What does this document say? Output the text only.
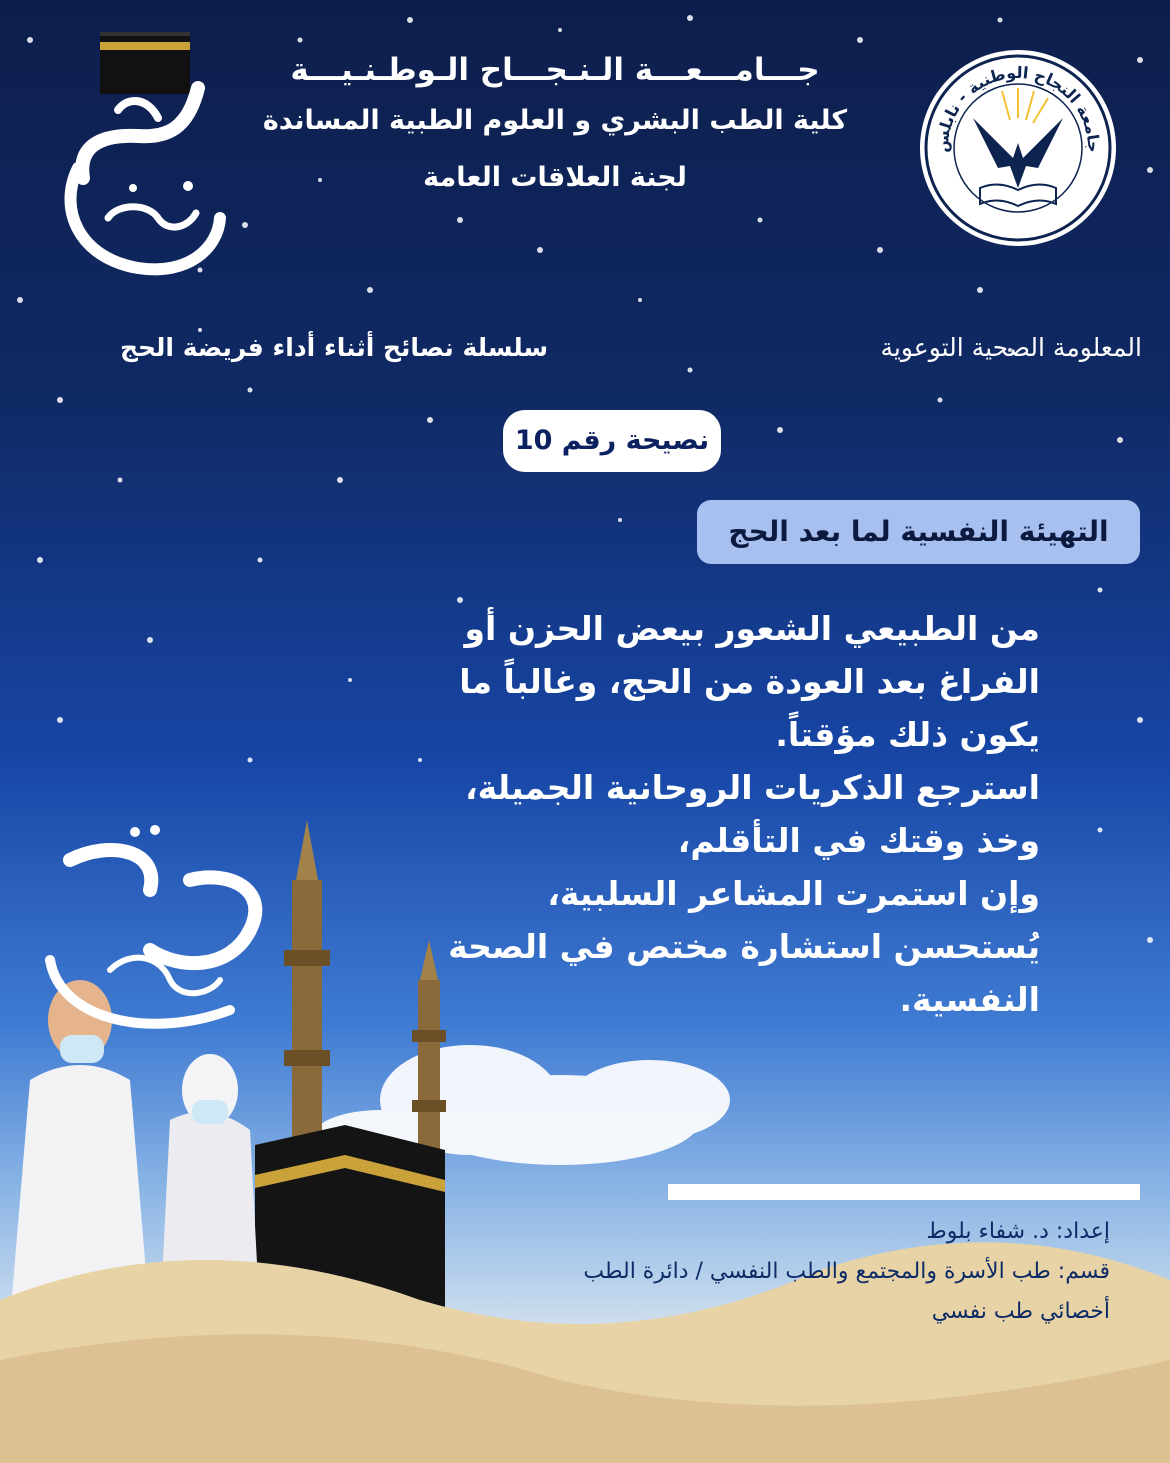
جـــامـــعـــة الـنـجـــاح الـوطـنـيـــة
كلية الطب البشري و العلوم الطبية المساندة
لجنة العلاقات العامة
جامعة النجاح الوطنية - نابلس
سلسلة نصائح أثناء أداء فريضة الحج	المعلومة الصحية التوعوية
نصيحة رقم 10
التهيئة النفسية لما بعد الحج

من الطبيعي الشعور بيعض الحزن أو

الفراغ بعد العودة من الحج، وغالباً ما

يكون ذلك مؤقتاً.

استرجع الذكريات الروحانية الجميلة،

وخذ وقتك في التأقلم،

وإن استمرت المشاعر السلبية،

يُستحسن استشارة مختص في الصحة

النفسية.

إعداد: د. شفاء بلوط
قسم: طب الأسرة والمجتمع والطب النفسي / دائرة الطب
أخصائي طب نفسي
